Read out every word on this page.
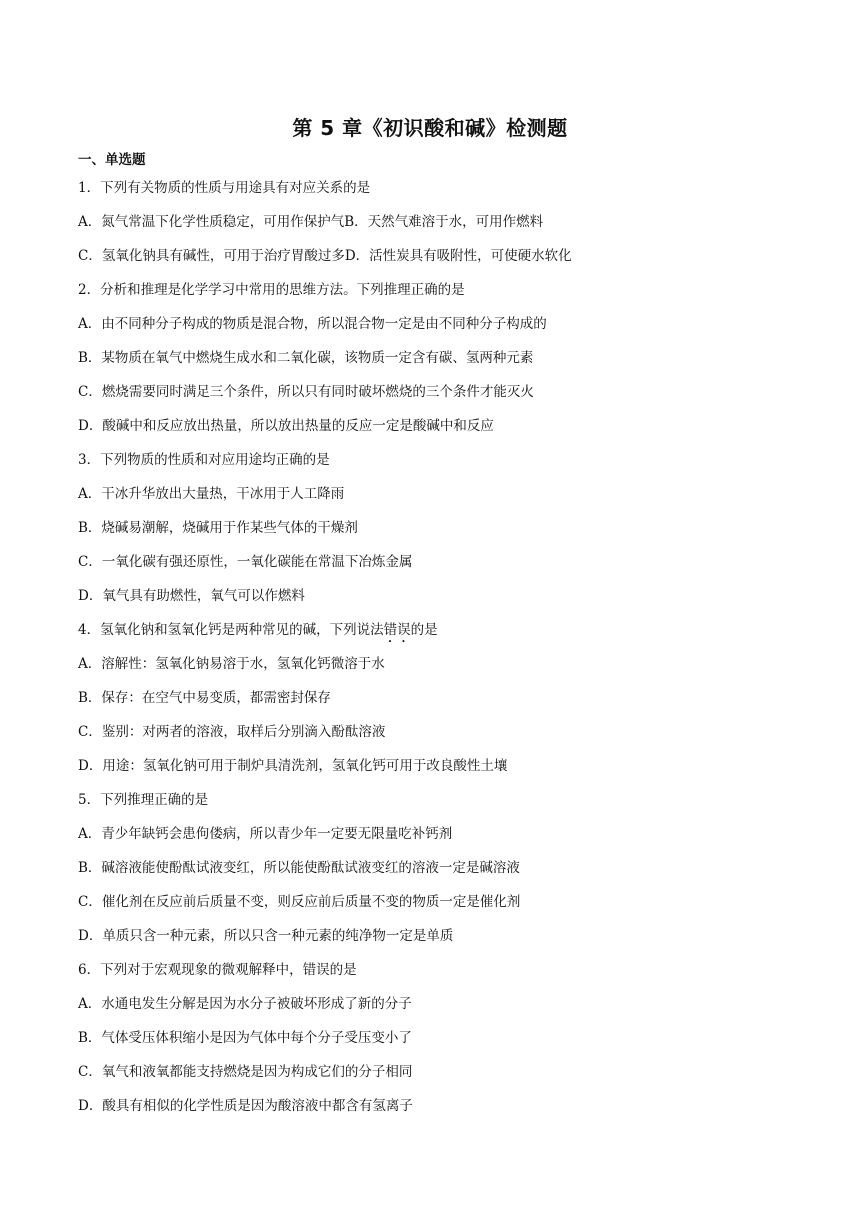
第 5 章《初识酸和碱》检测题
一、单选题
1．下列有关物质的性质与用途具有对应关系的是
A．氮气常温下化学性质稳定，可用作保护气B．天然气难溶于水，可用作燃料
C．氢氧化钠具有碱性，可用于治疗胃酸过多D．活性炭具有吸附性，可使硬水软化
2．分析和推理是化学学习中常用的思维方法。下列推理正确的是
A．由不同种分子构成的物质是混合物，所以混合物一定是由不同种分子构成的
B．某物质在氧气中燃烧生成水和二氧化碳，该物质一定含有碳、氢两种元素
C．燃烧需要同时满足三个条件，所以只有同时破坏燃烧的三个条件才能灭火
D．酸碱中和反应放出热量，所以放出热量的反应一定是酸碱中和反应
3．下列物质的性质和对应用途均正确的是
A．干冰升华放出大量热，干冰用于人工降雨
B．烧碱易潮解，烧碱用于作某些气体的干燥剂
C．一氧化碳有强还原性，一氧化碳能在常温下冶炼金属
D．氧气具有助燃性，氧气可以作燃料
4．氢氧化钠和氢氧化钙是两种常见的碱，下列说法错误的是
A．溶解性：氢氧化钠易溶于水，氢氧化钙微溶于水
B．保存：在空气中易变质，都需密封保存
C．鉴别：对两者的溶液，取样后分别滴入酚酞溶液
D．用途：氢氧化钠可用于制炉具清洗剂，氢氧化钙可用于改良酸性土壤
5．下列推理正确的是
A．青少年缺钙会患佝偻病，所以青少年一定要无限量吃补钙剂
B．碱溶液能使酚酞试液变红，所以能使酚酞试液变红的溶液一定是碱溶液
C．催化剂在反应前后质量不变，则反应前后质量不变的物质一定是催化剂
D．单质只含一种元素，所以只含一种元素的纯净物一定是单质
6．下列对于宏观现象的微观解释中，错误的是
A．水通电发生分解是因为水分子被破坏形成了新的分子
B．气体受压体积缩小是因为气体中每个分子受压变小了
C．氧气和液氧都能支持燃烧是因为构成它们的分子相同
D．酸具有相似的化学性质是因为酸溶液中都含有氢离子
